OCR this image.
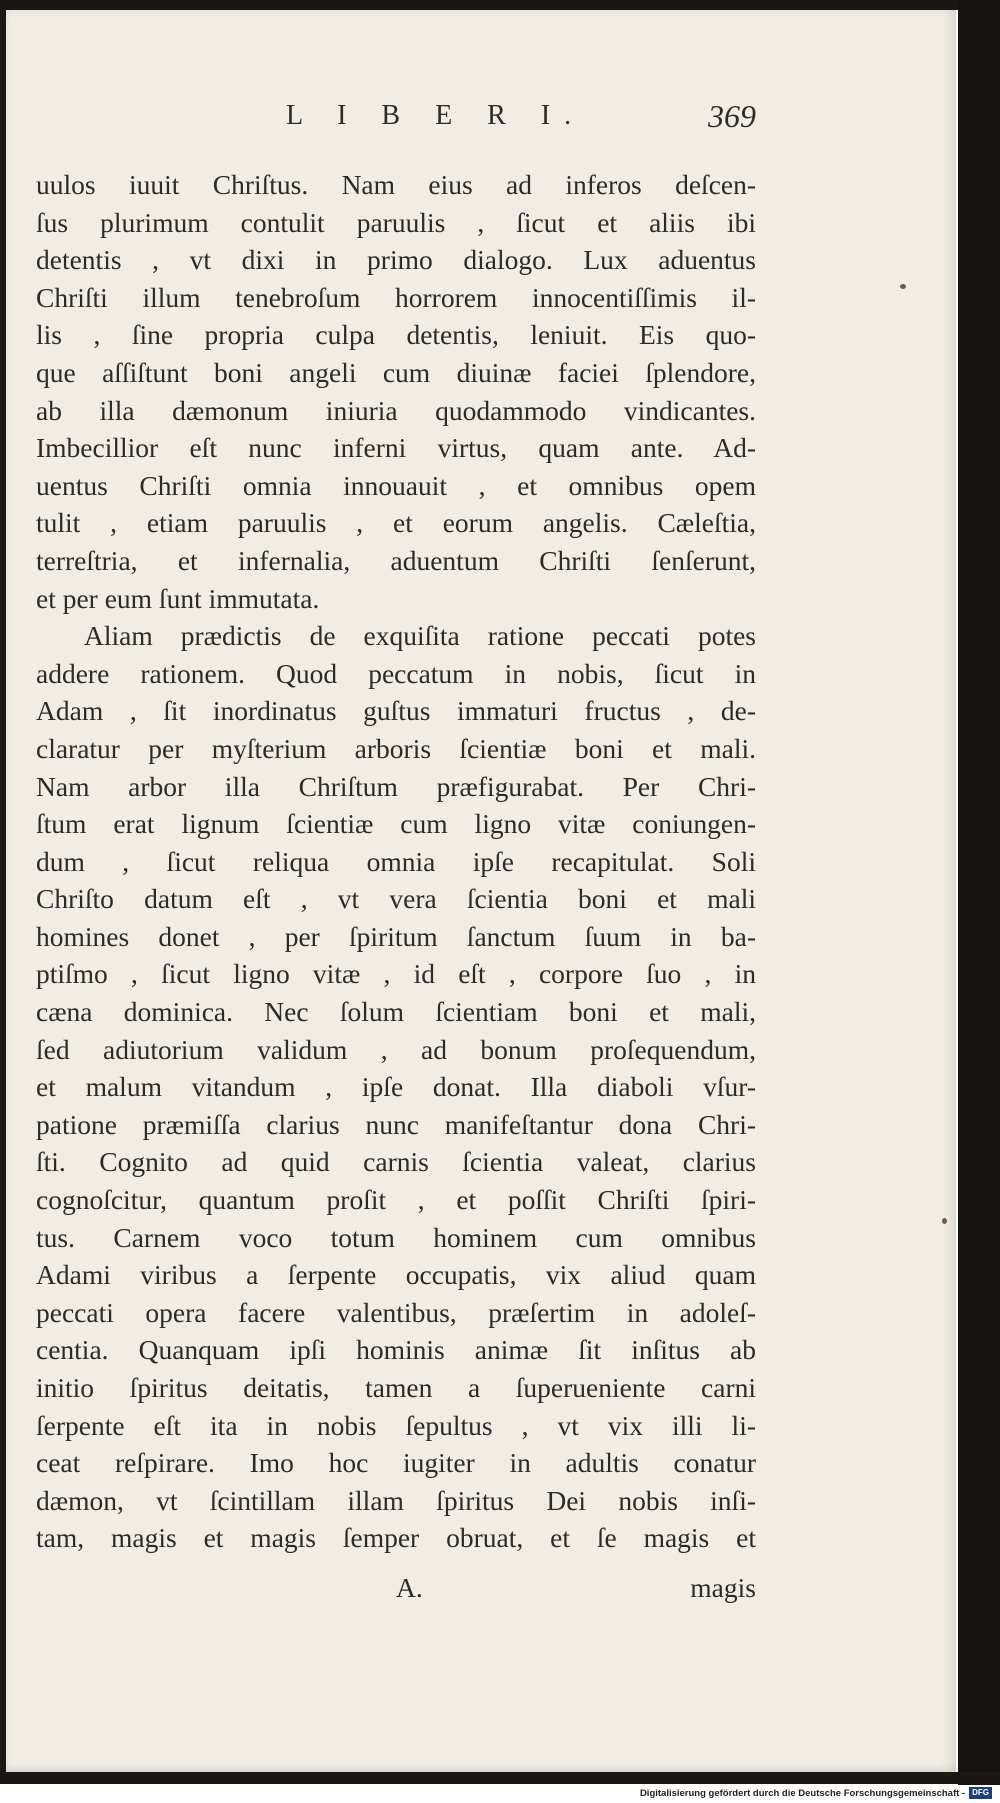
L I B E R I.	369
uulos iuuit Chriſtus. Nam eius ad inferos deſcen-
ſus plurimum contulit paruulis , ſicut et aliis ibi
detentis , vt dixi in primo dialogo. Lux aduentus
Chriſti illum tenebroſum horrorem innocentiſſimis il-
lis , ſine propria culpa detentis, leniuit. Eis quo-
que aſſiſtunt boni angeli cum diuinæ faciei ſplendore,
ab illa dæmonum iniuria quodammodo vindicantes.
Imbecillior eſt nunc inferni virtus, quam ante. Ad-
uentus Chriſti omnia innouauit , et omnibus opem
tulit , etiam paruulis , et eorum angelis. Cæleſtia,
terreſtria, et infernalia, aduentum Chriſti ſenſerunt,
et per eum ſunt immutata.
Aliam prædictis de exquiſita ratione peccati potes
addere rationem. Quod peccatum in nobis, ſicut in
Adam , ſit inordinatus guſtus immaturi fructus , de-
claratur per myſterium arboris ſcientiæ boni et mali.
Nam arbor illa Chriſtum præfigurabat. Per Chri-
ſtum erat lignum ſcientiæ cum ligno vitæ coniungen-
dum , ſicut reliqua omnia ipſe recapitulat. Soli
Chriſto datum eſt , vt vera ſcientia boni et mali
homines donet , per ſpiritum ſanctum ſuum in ba-
ptiſmo , ſicut ligno vitæ , id eſt , corpore ſuo , in
cæna dominica. Nec ſolum ſcientiam boni et mali,
ſed adiutorium validum , ad bonum proſequendum,
et malum vitandum , ipſe donat. Illa diaboli vſur-
patione præmiſſa clarius nunc manifeſtantur dona Chri-
ſti. Cognito ad quid carnis ſcientia valeat, clarius
cognoſcitur, quantum proſit , et poſſit Chriſti ſpiri-
tus. Carnem voco totum hominem cum omnibus
Adami viribus a ſerpente occupatis, vix aliud quam
peccati opera facere valentibus, præſertim in adoleſ-
centia. Quanquam ipſi hominis animæ ſit inſitus ab
initio ſpiritus deitatis, tamen a ſuperueniente carni
ſerpente eſt ita in nobis ſepultus , vt vix illi li-
ceat reſpirare. Imo hoc iugiter in adultis conatur
dæmon, vt ſcintillam illam ſpiritus Dei nobis inſi-
tam, magis et magis ſemper obruat, et ſe magis et
A.	magis
Digitalisierung gefördert durch die Deutsche Forschungsgemeinschaft - DFG
